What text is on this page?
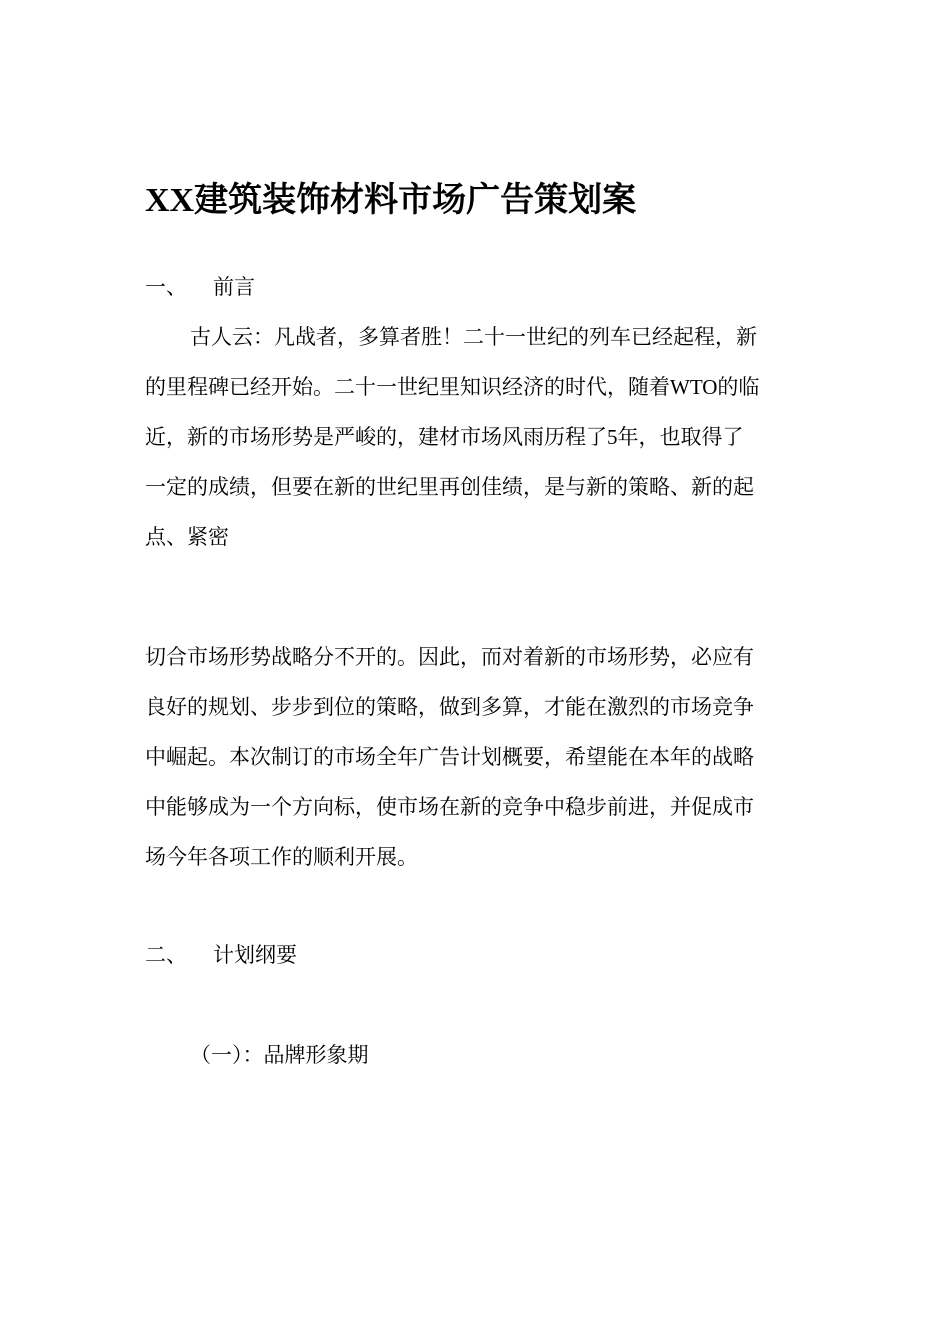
XX建筑装饰材料市场广告策划案
一、 前言
古人云：凡战者，多算者胜！二十一世纪的列车已经起程，新
的里程碑已经开始。二十一世纪里知识经济的时代，随着WTO的临
近，新的市场形势是严峻的，建材市场风雨历程了5年，也取得了
一定的成绩，但要在新的世纪里再创佳绩，是与新的策略、新的起
点、紧密
切合市场形势战略分不开的。因此，而对着新的市场形势，必应有
良好的规划、步步到位的策略，做到多算，才能在激烈的市场竞争
中崛起。本次制订的市场全年广告计划概要，希望能在本年的战略
中能够成为一个方向标，使市场在新的竞争中稳步前进，并促成市
场今年各项工作的顺利开展。
二、 计划纲要
（一）：品牌形象期
